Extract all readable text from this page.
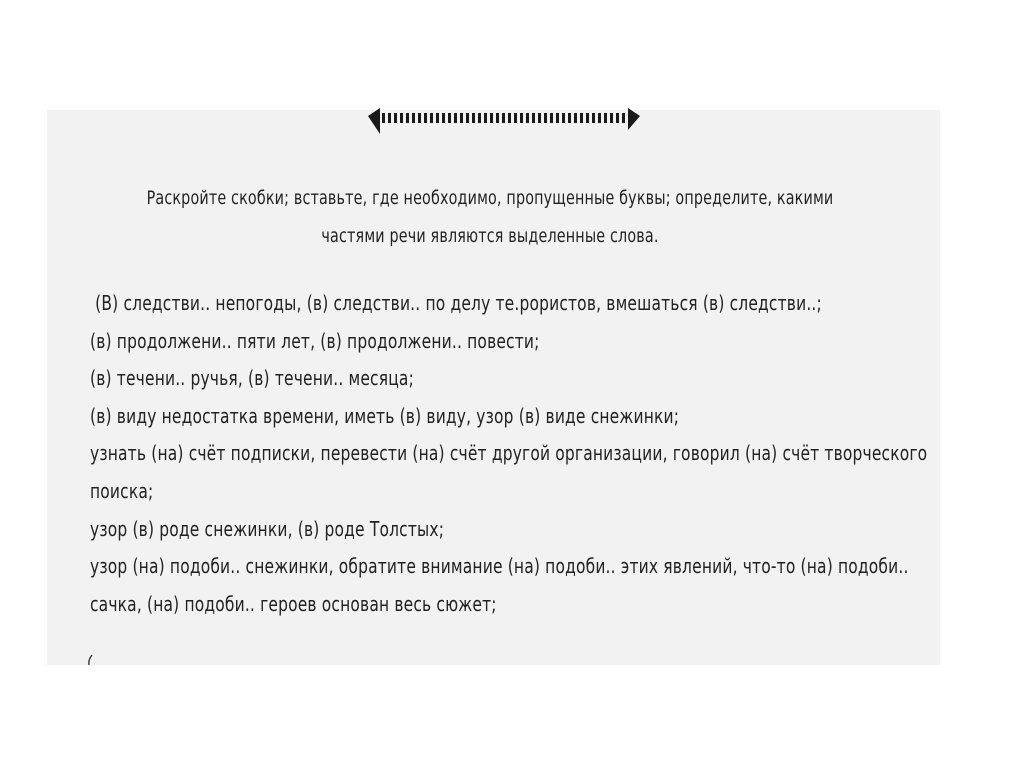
Раскройте скобки; вставьте, где необходимо, пропущенные буквы; определите, какими частями речи являются выделенные слова.
(В) следстви.. непогоды, (в) следстви.. по делу те.рористов, вмешаться (в) следстви..;
(в) продолжени.. пяти лет, (в) продолжени.. повести;
(в) течени.. ручья, (в) течени.. месяца;
(в) виду недостатка времени, иметь (в) виду, узор (в) виде снежинки;
узнать (на) счёт подписки, перевести (на) счёт другой организации, говорил (на) счёт творческого
поиска;
узор (в) роде снежинки, (в) роде Толстых;
узор (на) подоби.. снежинки, обратите внимание (на) подоби.. этих явлений, что-то (на) подоби..
сачка, (на) подоби.. героев основан весь сюжет;
